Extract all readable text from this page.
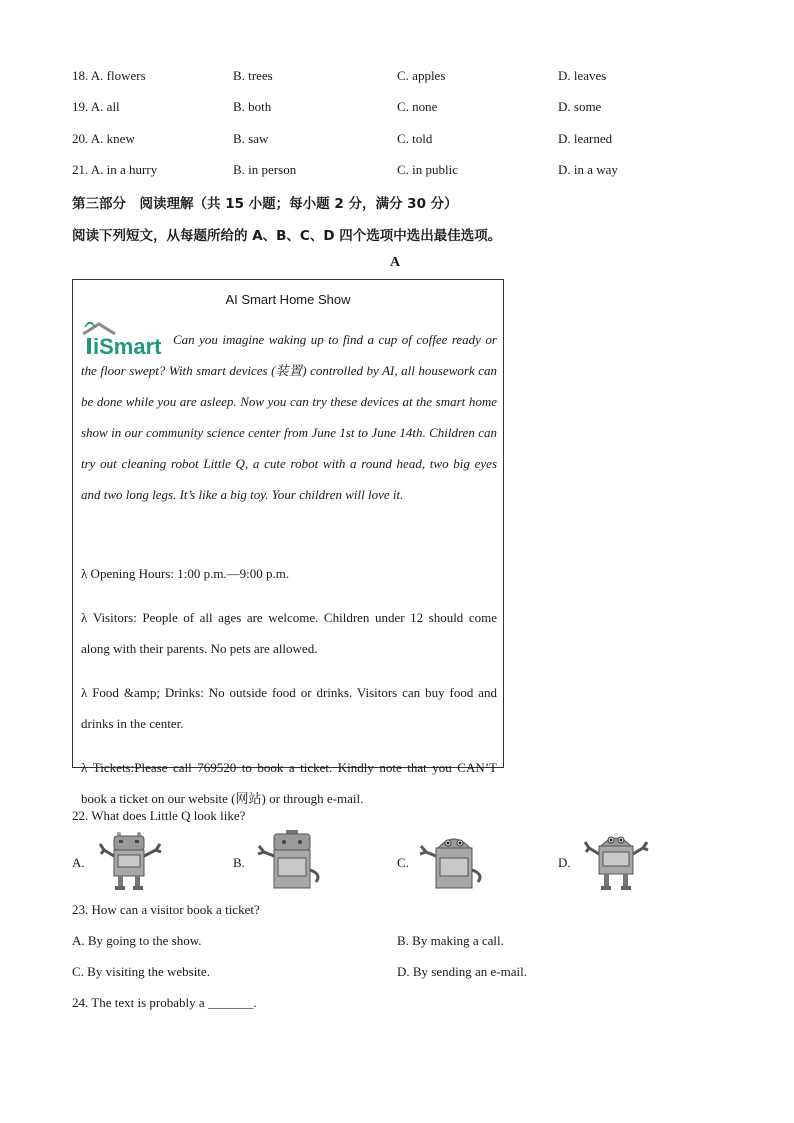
18. A. flowers	B. trees	C. apples	D. leaves
19. A. all	B. both	C. none	D. some
20. A. knew	B. saw	C. told	D. learned
21. A. in a hurry	B. in person	C. in public	D. in a way
第三部分　阅读理解（共 15 小题；每小题 2 分，满分 30 分）
阅读下列短文，从每题所给的 A、B、C、D 四个选项中选出最佳选项。
A
AI Smart Home Show
iSmart Can you imagine waking up to find a cup of coffee ready or the floor swept? With smart devices (装置) controlled by AI, all housework can be done while you are asleep. Now you can try these devices at the smart home show in our community science center from June 1st to June 14th. Children can try out cleaning robot Little Q, a cute robot with a round head, two big eyes and two long legs. It’s like a big toy. Your children will love it.

λ Opening Hours: 1:00 p.m.—9:00 p.m.

λ Visitors: People of all ages are welcome. Children under 12 should come along with their parents. No pets are allowed.

λ Food &amp; Drinks: No outside food or drinks. Visitors can buy food and drinks in the center.

λ Tickets:Please call 769520 to book a ticket. Kindly note that you CAN’T book a ticket on our website (网站) or through e-mail.

22. What does Little Q look like?
A.	B.	C.	D.
23. How can a visitor book a ticket?
A. By going to the show.	B. By making a call.
C. By visiting the website.	D. By sending an e-mail.
24. The text is probably a _______.
